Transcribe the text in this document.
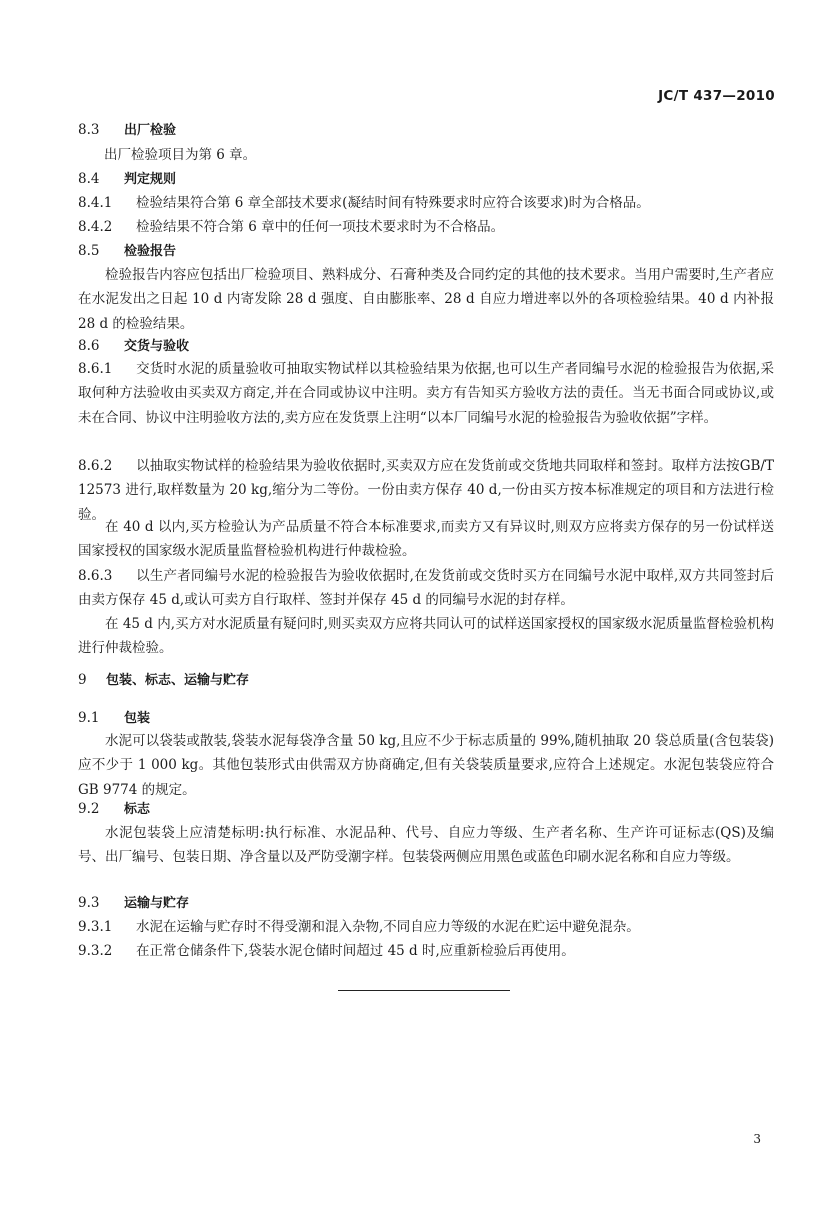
JC/T 437—2010
8.3 出厂检验
出厂检验项目为第 6 章。
8.4 判定规则
8.4.1 检验结果符合第 6 章全部技术要求(凝结时间有特殊要求时应符合该要求)时为合格品。
8.4.2 检验结果不符合第 6 章中的任何一项技术要求时为不合格品。
8.5 检验报告
检验报告内容应包括出厂检验项目、熟料成分、石膏种类及合同约定的其他的技术要求。当用户需要时,生产者应在水泥发出之日起 10 d 内寄发除 28 d 强度、自由膨胀率、28 d 自应力增进率以外的各项检验结果。40 d 内补报 28 d 的检验结果。
8.6 交货与验收
8.6.1 交货时水泥的质量验收可抽取实物试样以其检验结果为依据,也可以生产者同编号水泥的检验报告为依据,采取何种方法验收由买卖双方商定,并在合同或协议中注明。卖方有告知买方验收方法的责任。当无书面合同或协议,或未在合同、协议中注明验收方法的,卖方应在发货票上注明“以本厂同编号水泥的检验报告为验收依据”字样。
8.6.2 以抽取实物试样的检验结果为验收依据时,买卖双方应在发货前或交货地共同取样和签封。取样方法按GB/T 12573 进行,取样数量为 20 kg,缩分为二等份。一份由卖方保存 40 d,一份由买方按本标准规定的项目和方法进行检验。
在 40 d 以内,买方检验认为产品质量不符合本标准要求,而卖方又有异议时,则双方应将卖方保存的另一份试样送国家授权的国家级水泥质量监督检验机构进行仲裁检验。
8.6.3 以生产者同编号水泥的检验报告为验收依据时,在发货前或交货时买方在同编号水泥中取样,双方共同签封后由卖方保存 45 d,或认可卖方自行取样、签封并保存 45 d 的同编号水泥的封存样。
在 45 d 内,买方对水泥质量有疑问时,则买卖双方应将共同认可的试样送国家授权的国家级水泥质量监督检验机构进行仲裁检验。
9 包装、标志、运输与贮存
9.1 包装
水泥可以袋装或散装,袋装水泥每袋净含量 50 kg,且应不少于标志质量的 99%,随机抽取 20 袋总质量(含包装袋)应不少于 1 000 kg。其他包装形式由供需双方协商确定,但有关袋装质量要求,应符合上述规定。水泥包装袋应符合 GB 9774 的规定。
9.2 标志
水泥包装袋上应清楚标明:执行标准、水泥品种、代号、自应力等级、生产者名称、生产许可证标志(QS)及编号、出厂编号、包装日期、净含量以及严防受潮字样。包装袋两侧应用黑色或蓝色印刷水泥名称和自应力等级。
9.3 运输与贮存
9.3.1 水泥在运输与贮存时不得受潮和混入杂物,不同自应力等级的水泥在贮运中避免混杂。
9.3.2 在正常仓储条件下,袋装水泥仓储时间超过 45 d 时,应重新检验后再使用。
3
